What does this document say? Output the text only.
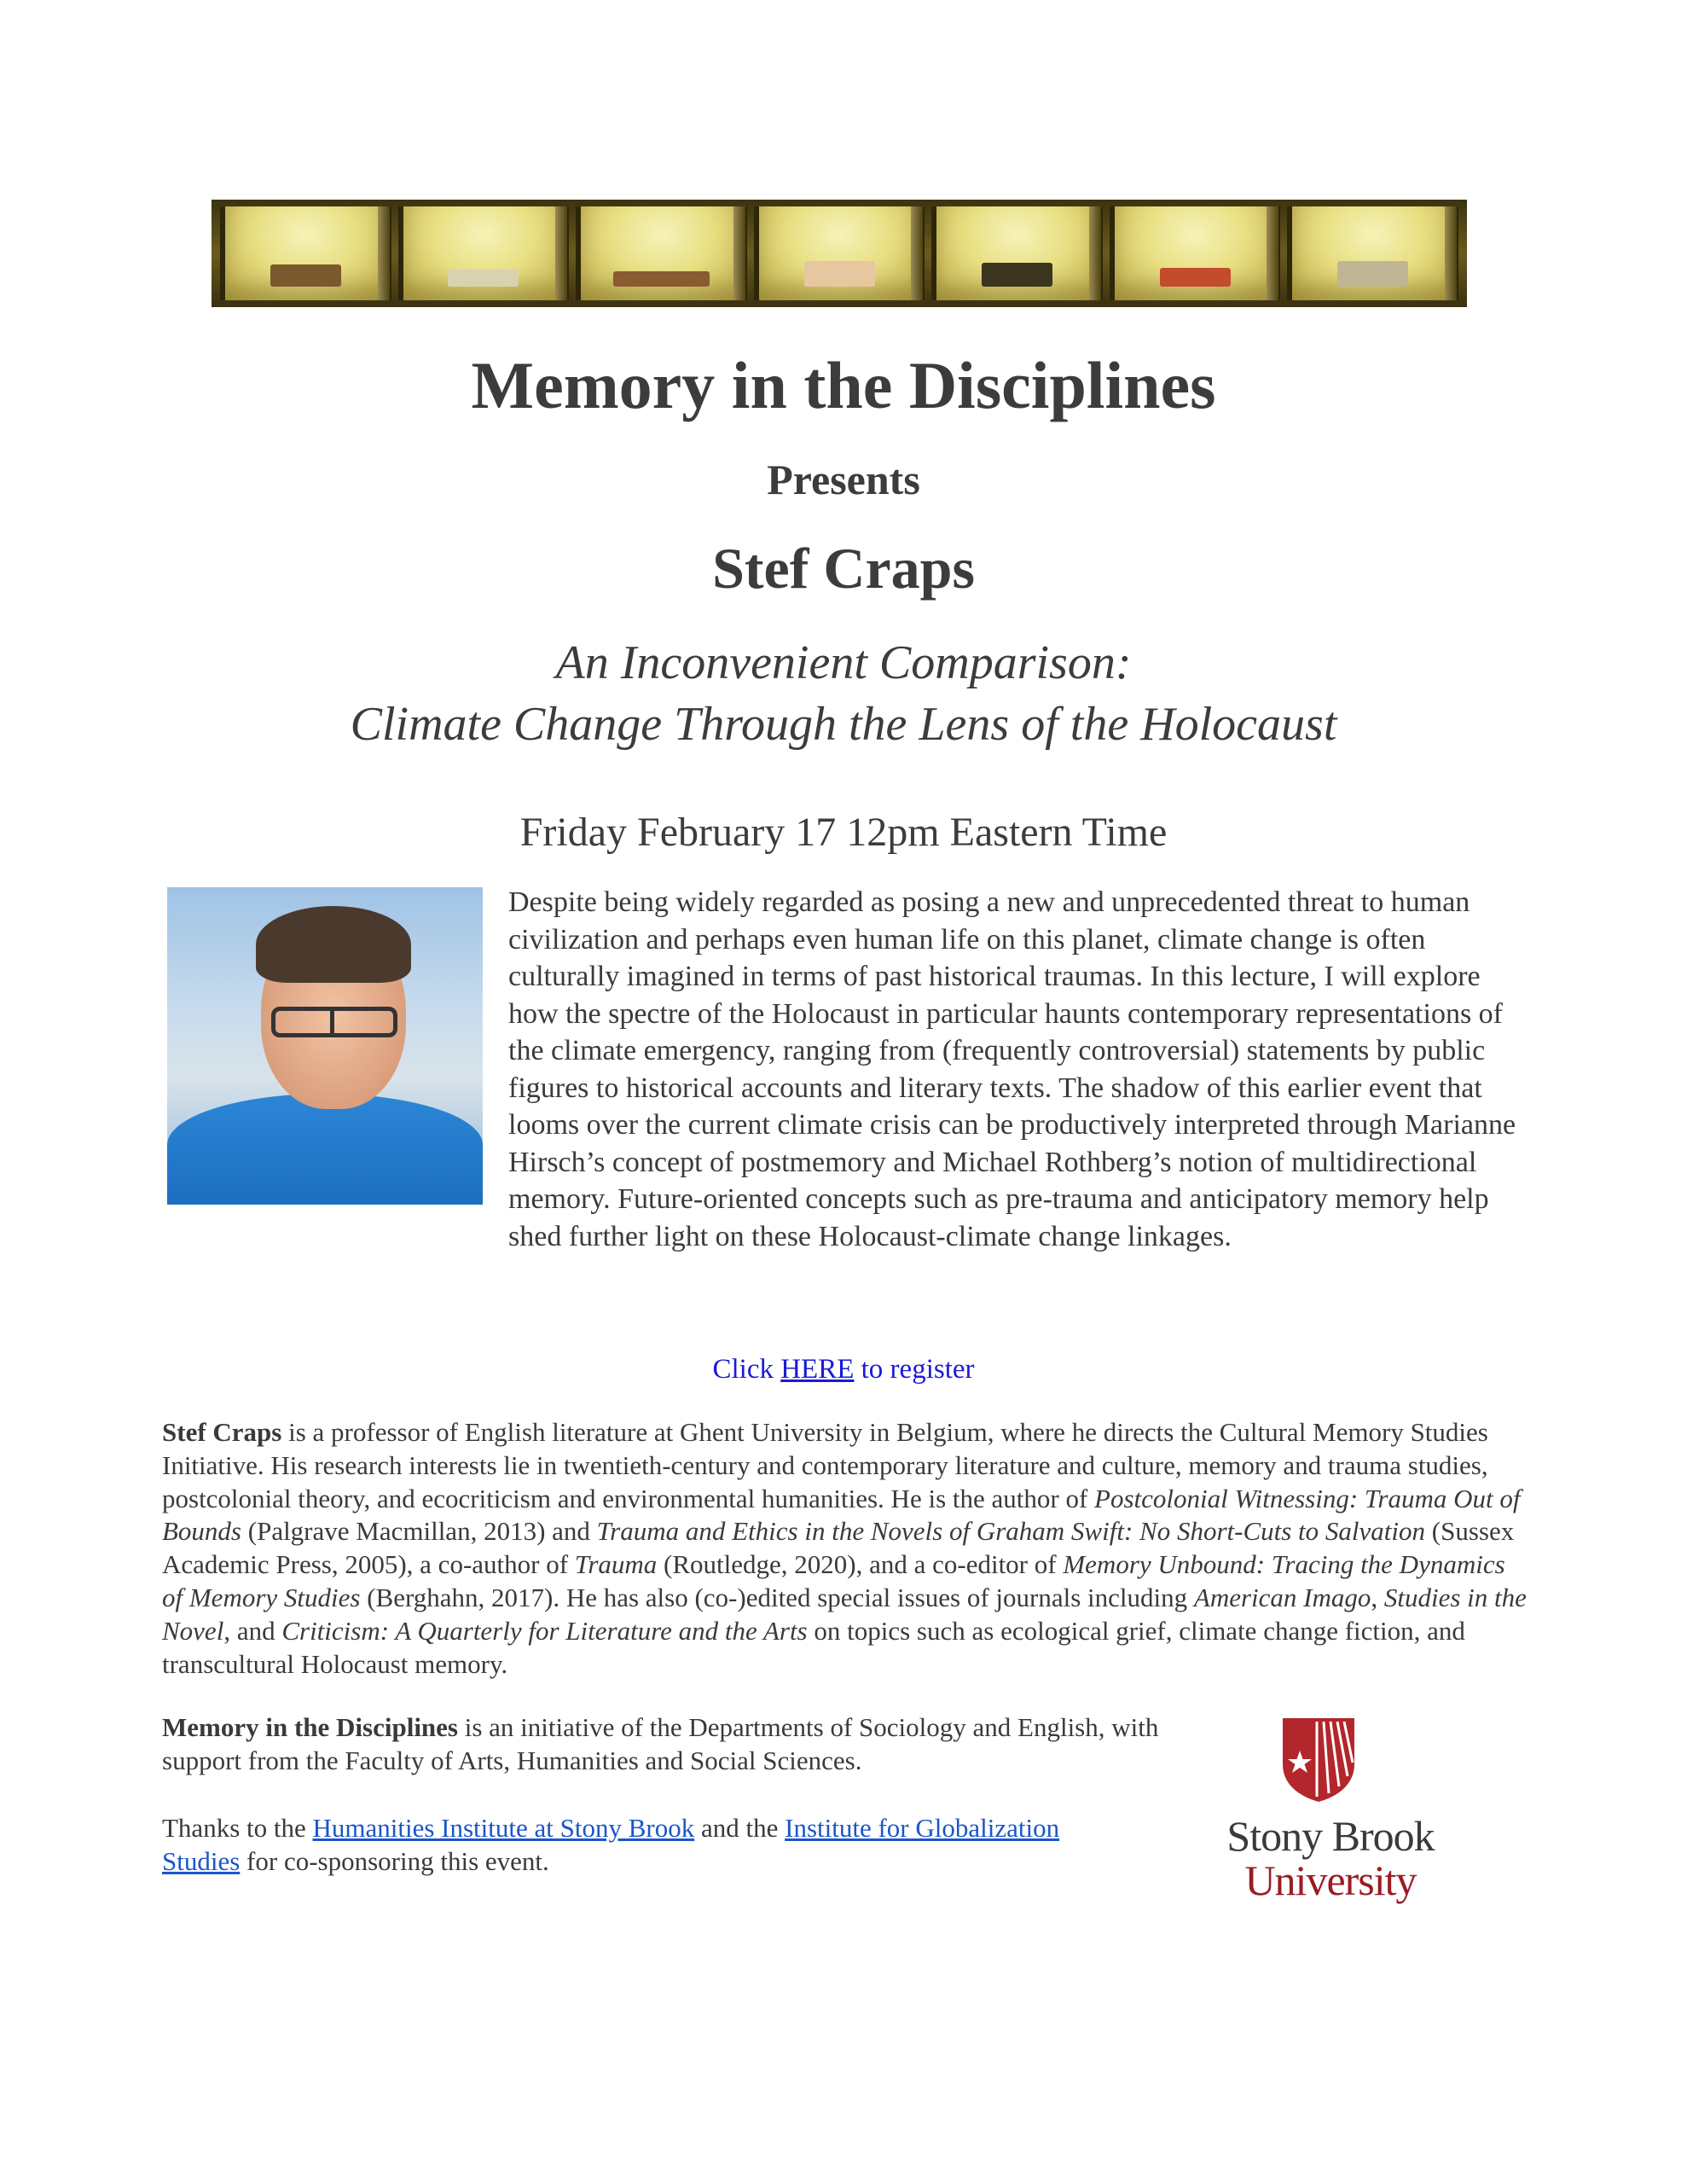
Memory in the Disciplines
Presents
Stef Craps
An Inconvenient Comparison:
Climate Change Through the Lens of the Holocaust
Friday February 17 12pm Eastern Time
Despite being widely regarded as posing a new and unprecedented threat to human civilization and perhaps even human life on this planet, climate change is often culturally imagined in terms of past historical traumas. In this lecture, I will explore how the spectre of the Holocaust in particular haunts contemporary representations of the climate emergency, ranging from (frequently controversial) statements by public figures to historical accounts and literary texts. The shadow of this earlier event that looms over the current climate crisis can be productively interpreted through Marianne Hirsch’s concept of postmemory and Michael Rothberg’s notion of multidirectional memory. Future-oriented concepts such as pre-trauma and anticipatory memory help shed further light on these Holocaust-climate change linkages.
Click HERE to register
Stef Craps is a professor of English literature at Ghent University in Belgium, where he directs the Cultural Memory Studies Initiative. His research interests lie in twentieth-century and contemporary literature and culture, memory and trauma studies, postcolonial theory, and ecocriticism and environmental humanities. He is the author of Postcolonial Witnessing: Trauma Out of Bounds (Palgrave Macmillan, 2013) and Trauma and Ethics in the Novels of Graham Swift: No Short-Cuts to Salvation (Sussex Academic Press, 2005), a co-author of Trauma (Routledge, 2020), and a co-editor of Memory Unbound: Tracing the Dynamics of Memory Studies (Berghahn, 2017). He has also (co-)edited special issues of journals including American Imago, Studies in the Novel, and Criticism: A Quarterly for Literature and the Arts on topics such as ecological grief, climate change fiction, and transcultural Holocaust memory.
Memory in the Disciplines is an initiative of the Departments of Sociology and English, with support from the Faculty of Arts, Humanities and Social Sciences.
Thanks to the Humanities Institute at Stony Brook and the Institute for Globalization Studies for co-sponsoring this event.
Stony Brook
University
